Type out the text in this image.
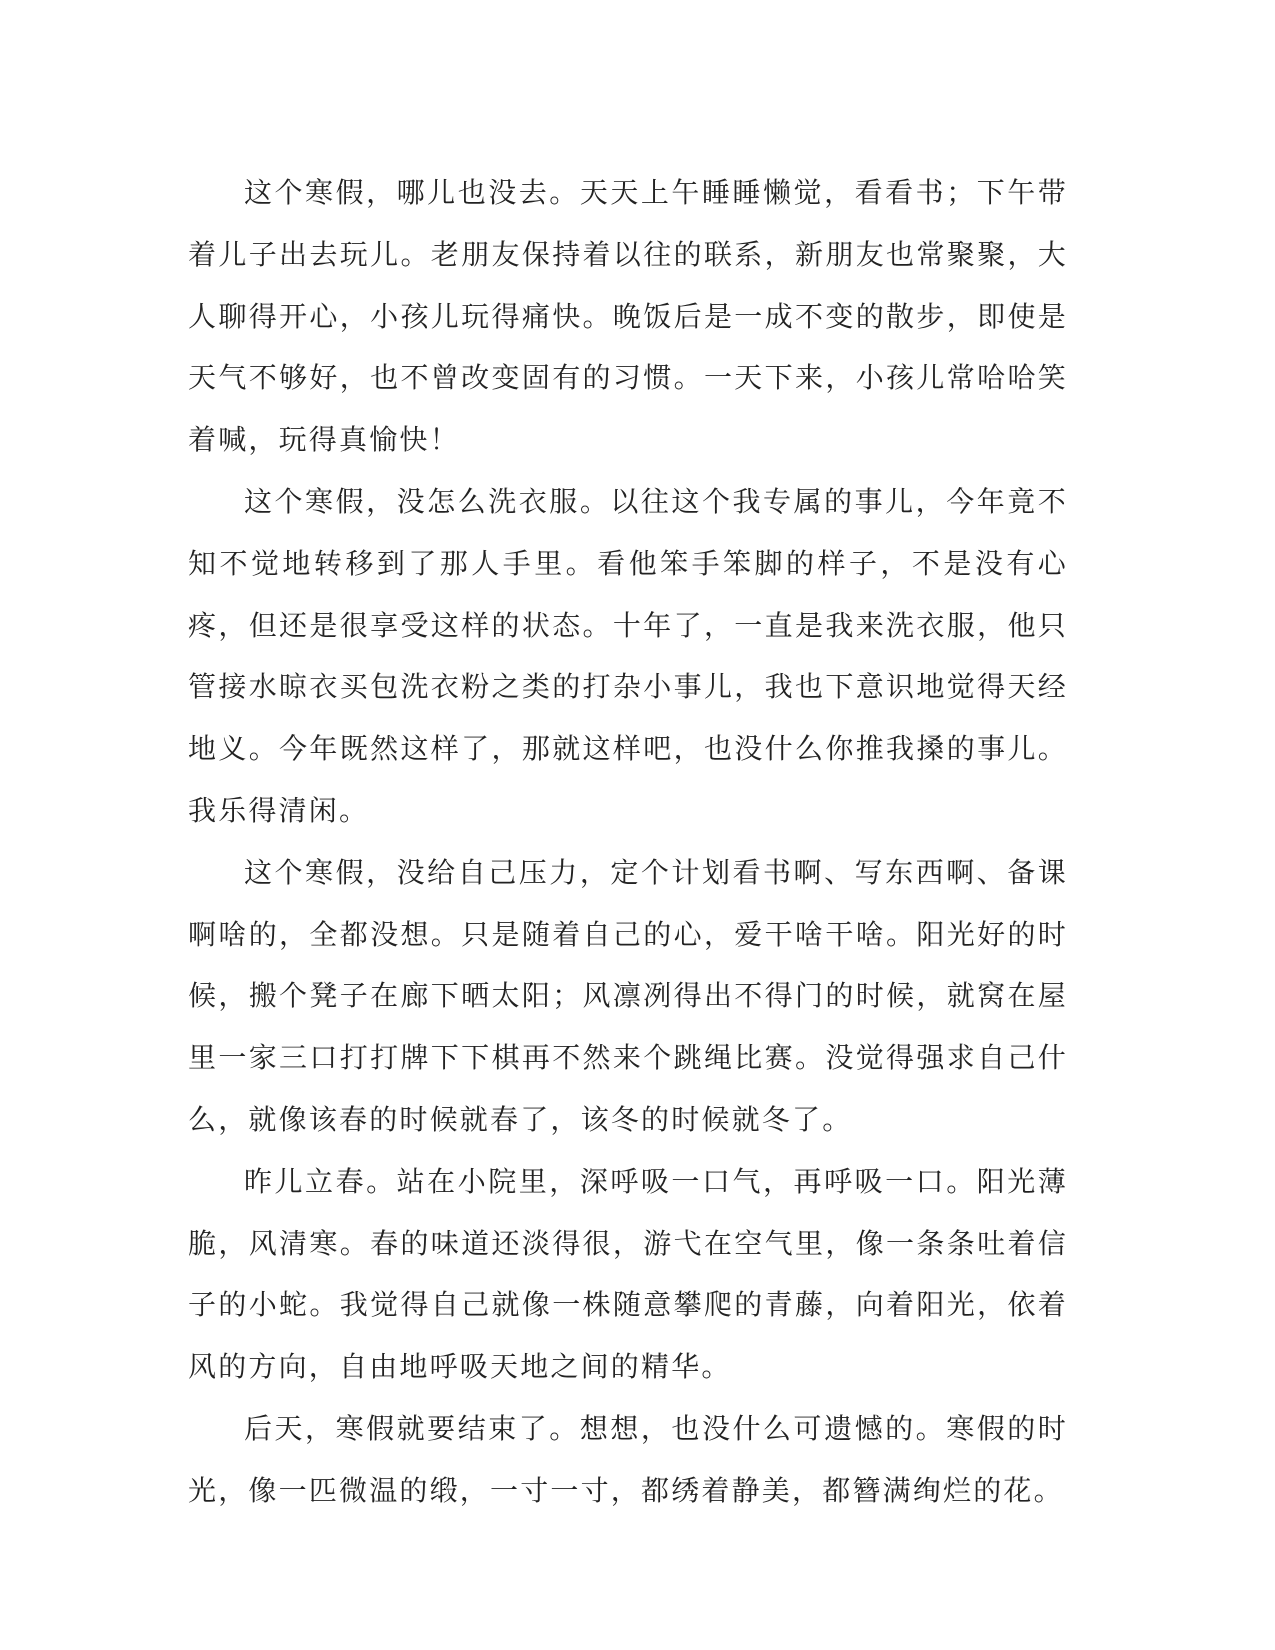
这个寒假，哪儿也没去。天天上午睡睡懒觉，看看书；下午带着儿子出去玩儿。老朋友保持着以往的联系，新朋友也常聚聚，大人聊得开心，小孩儿玩得痛快。晚饭后是一成不变的散步，即使是天气不够好，也不曾改变固有的习惯。一天下来，小孩儿常哈哈笑着喊，玩得真愉快！

这个寒假，没怎么洗衣服。以往这个我专属的事儿，今年竟不知不觉地转移到了那人手里。看他笨手笨脚的样子，不是没有心疼，但还是很享受这样的状态。十年了，一直是我来洗衣服，他只管接水晾衣买包洗衣粉之类的打杂小事儿，我也下意识地觉得天经地义。今年既然这样了，那就这样吧，也没什么你推我搡的事儿。我乐得清闲。

这个寒假，没给自己压力，定个计划看书啊、写东西啊、备课啊啥的，全都没想。只是随着自己的心，爱干啥干啥。阳光好的时候，搬个凳子在廊下晒太阳；风凛冽得出不得门的时候，就窝在屋里一家三口打打牌下下棋再不然来个跳绳比赛。没觉得强求自己什么，就像该春的时候就春了，该冬的时候就冬了。

昨儿立春。站在小院里，深呼吸一口气，再呼吸一口。阳光薄脆，风清寒。春的味道还淡得很，游弋在空气里，像一条条吐着信子的小蛇。我觉得自己就像一株随意攀爬的青藤，向着阳光，依着风的方向，自由地呼吸天地之间的精华。

后天，寒假就要结束了。想想，也没什么可遗憾的。寒假的时光，像一匹微温的缎，一寸一寸，都绣着静美，都簪满绚烂的花。
